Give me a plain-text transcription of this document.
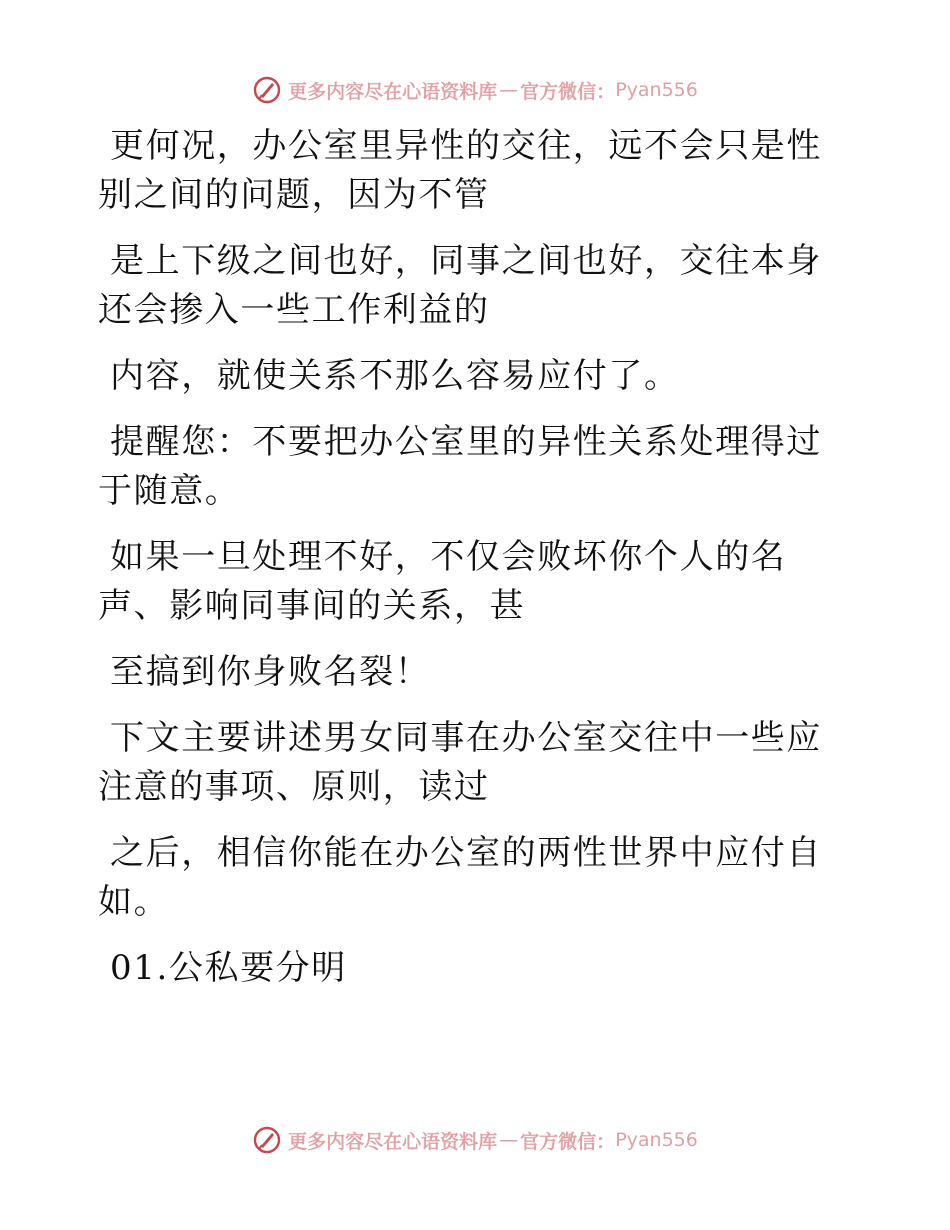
更多内容尽在心语资料库 — 官方微信： Pyan556

更何况，办公室里异性的交往，远不会只是性别之间的问题，因为不管

是上下级之间也好，同事之间也好，交往本身还会掺入一些工作利益的

内容，就使关系不那么容易应付了。

提醒您：不要把办公室里的异性关系处理得过于随意。

如果一旦处理不好，不仅会败坏你个人的名声、影响同事间的关系，甚

至搞到你身败名裂！

下文主要讲述男女同事在办公室交往中一些应注意的事项、原则，读过

之后，相信你能在办公室的两性世界中应付自如。

01.公私要分明

更多内容尽在心语资料库 — 官方微信： Pyan556
